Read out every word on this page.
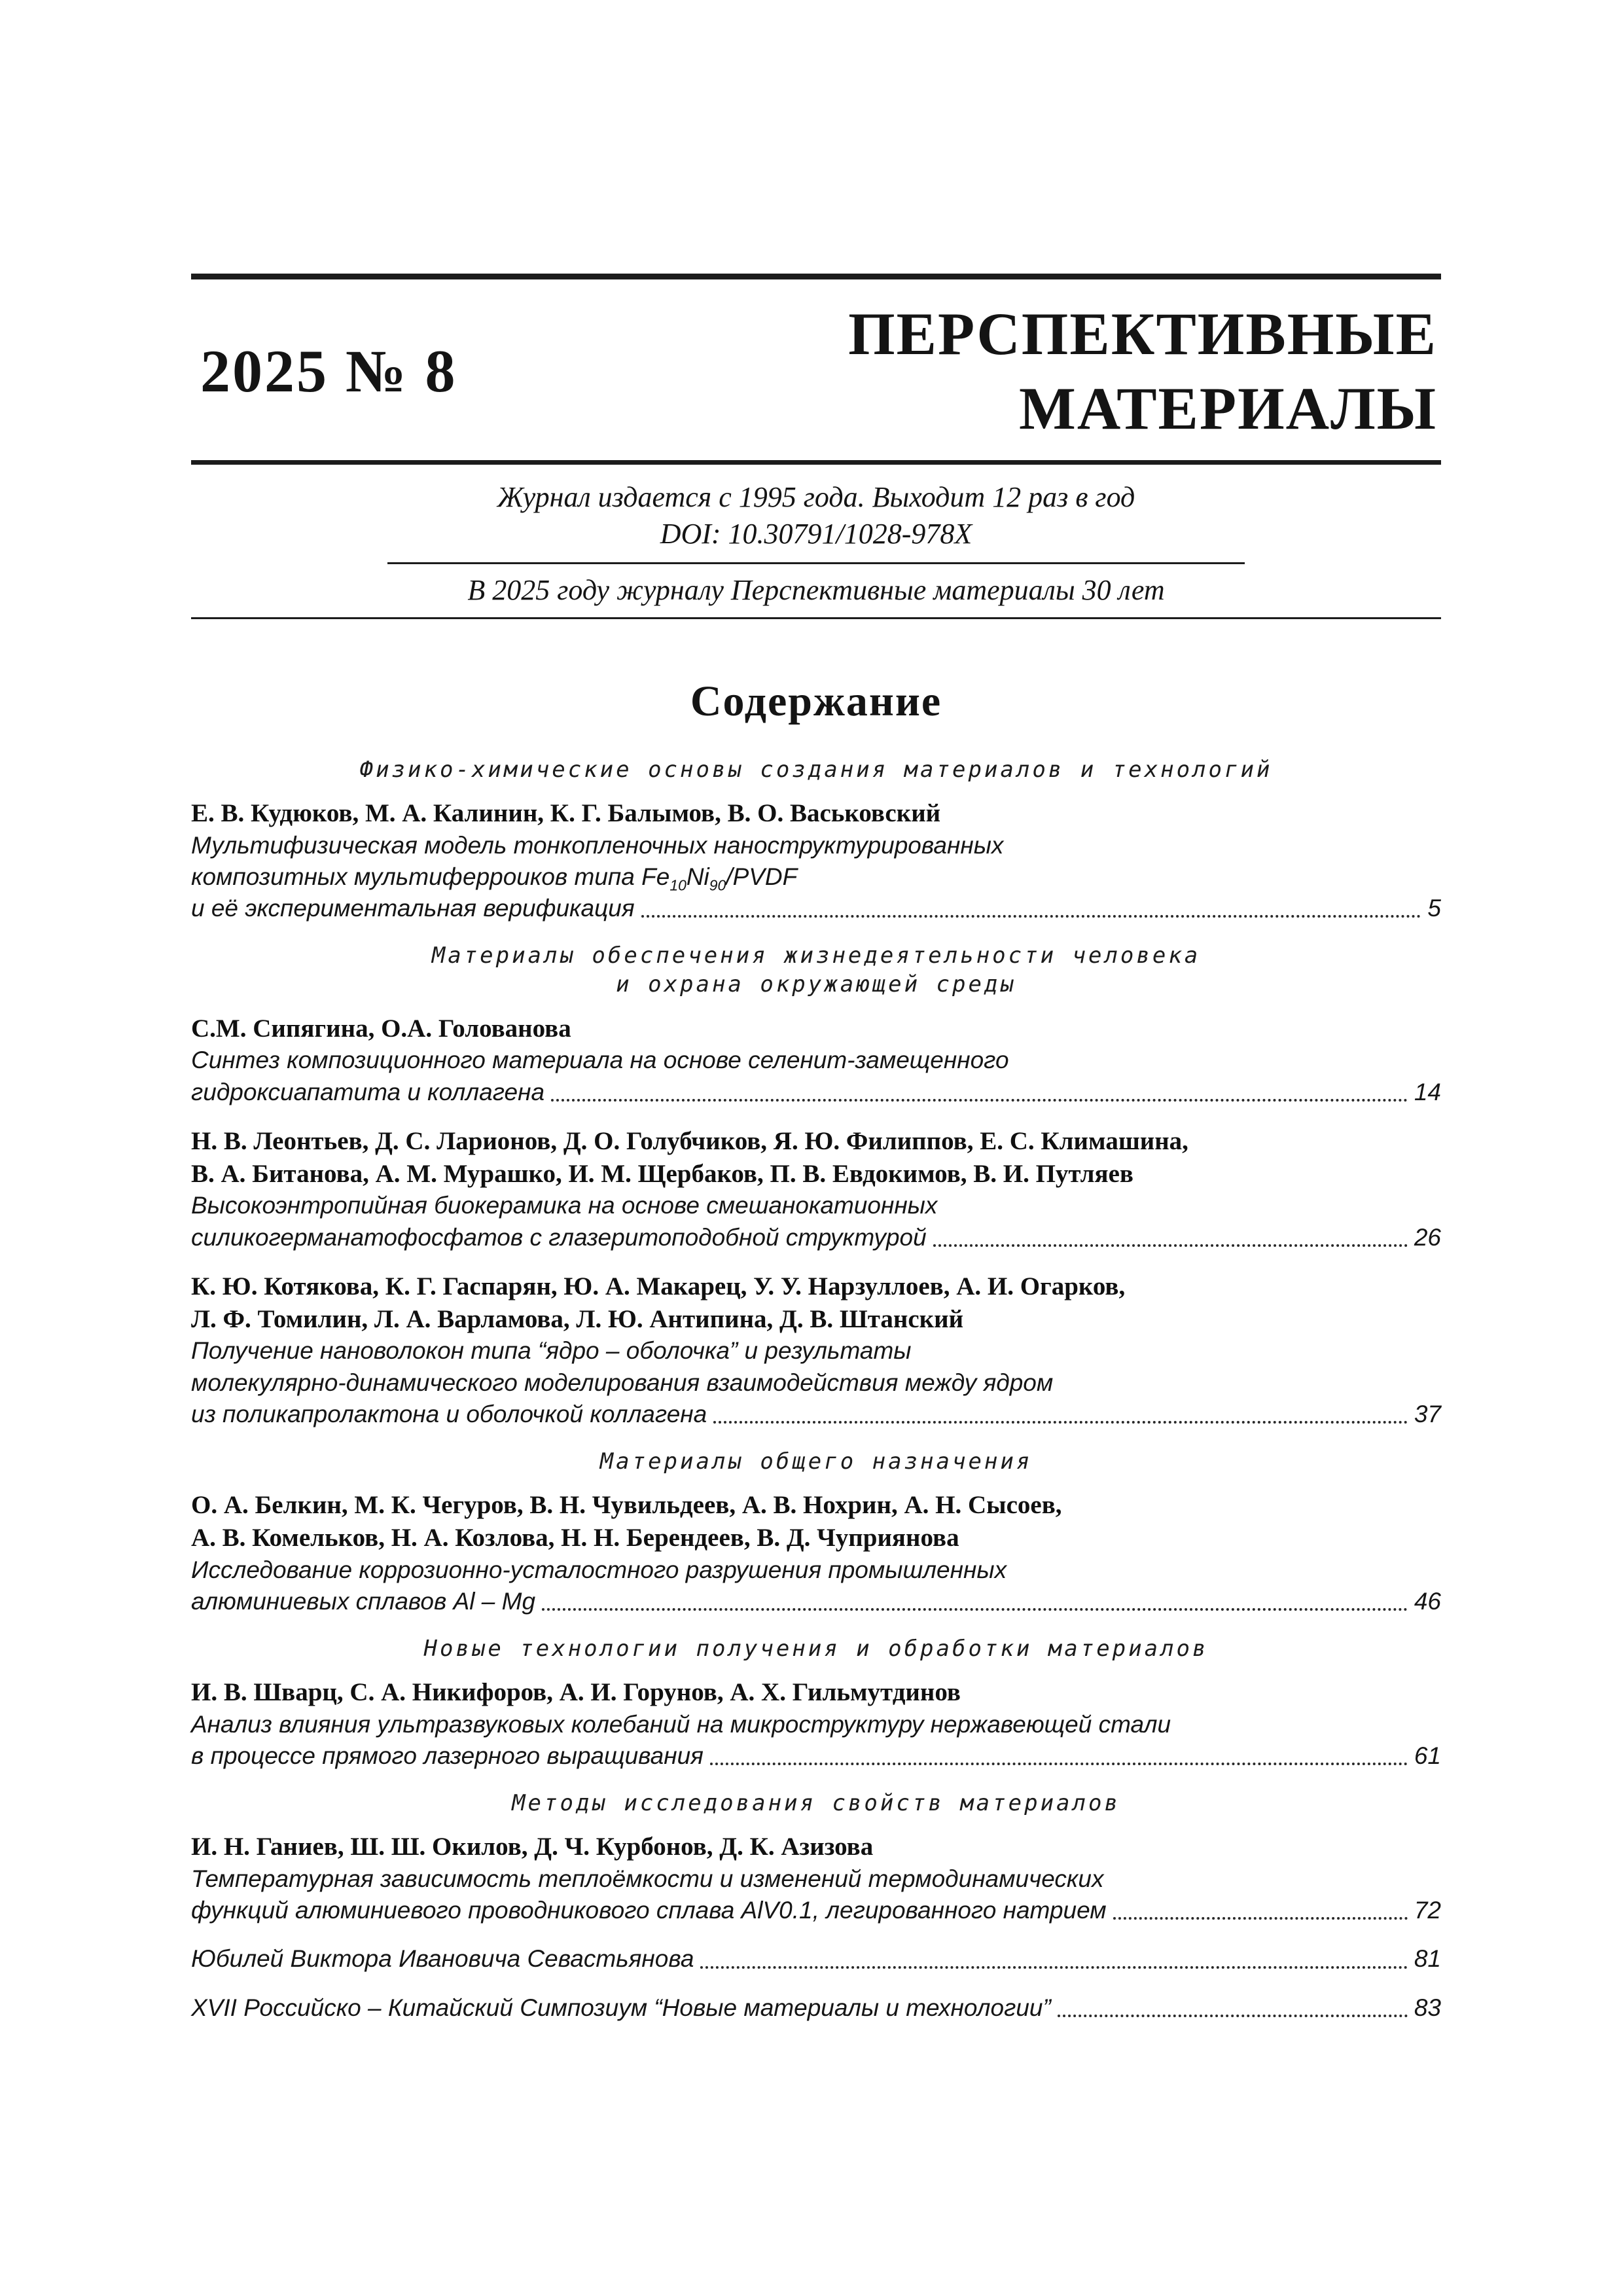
2025 № 8
ПЕРСПЕКТИВНЫЕ
МАТЕРИАЛЫ
Журнал издается с 1995 года. Выходит 12 раз в год
DOI: 10.30791/1028-978X
В 2025 году журналу Перспективные материалы 30 лет
Содержание
Физико-химические основы создания материалов и технологий
Е. В. Кудюков, М. А. Калинин, К. Г. Балымов, В. О. Васьковский
Мультифизическая модель тонкопленочных наноструктурированных
композитных мультиферроиков типа $Fe_{10}Ni_{90}$/PVDF
и её экспериментальная верификация	5
Материалы обеспечения жизнедеятельности человека
и охрана окружающей среды
С.М. Сипягина, О.А. Голованова
Синтез композиционного материала на основе селенит-замещенного
гидроксиапатита и коллагена	14
Н. В. Леонтьев, Д. С. Ларионов, Д. О. Голубчиков, Я. Ю. Филиппов, Е. С. Климашина,
В. А. Битанова, А. М. Мурашко, И. М. Щербаков, П. В. Евдокимов, В. И. Путляев
Высокоэнтропийная биокерамика на основе смешанокатионных
силикогерманатофосфатов с глазеритоподобной структурой	26
К. Ю. Котякова, К. Г. Гаспарян, Ю. А. Макарец, У. У. Нарзуллоев, А. И. Огарков,
Л. Ф. Томилин, Л. А. Варламова, Л. Ю. Антипина, Д. В. Штанский
Получение нановолокон типа “ядро – оболочка” и результаты
молекулярно-динамического моделирования взаимодействия между ядром
из поликапролактона и оболочкой коллагена	37
Материалы общего назначения
О. А. Белкин, М. К. Чегуров, В. Н. Чувильдеев, А. В. Нохрин, А. Н. Сысоев,
А. В. Комельков, Н. А. Козлова, Н. Н. Берендеев, В. Д. Чуприянова
Исследование коррозионно-усталостного разрушения промышленных
алюминиевых сплавов Al – Mg	46
Новые технологии получения и обработки материалов
И. В. Шварц, С. А. Никифоров, А. И. Горунов, А. Х. Гильмутдинов
Анализ влияния ультразвуковых колебаний на микроструктуру нержавеющей стали
в процессе прямого лазерного выращивания	61
Методы исследования свойств материалов
И. Н. Ганиев, Ш. Ш. Окилов, Д. Ч. Курбонов, Д. К. Азизова
Температурная зависимость теплоёмкости и изменений термодинамических
функций алюминиевого проводникового сплава AlV0.1, легированного натрием	72
Юбилей Виктора Ивановича Севастьянова	81
XVII Российско – Китайский Симпозиум “Новые материалы и технологии”	83
